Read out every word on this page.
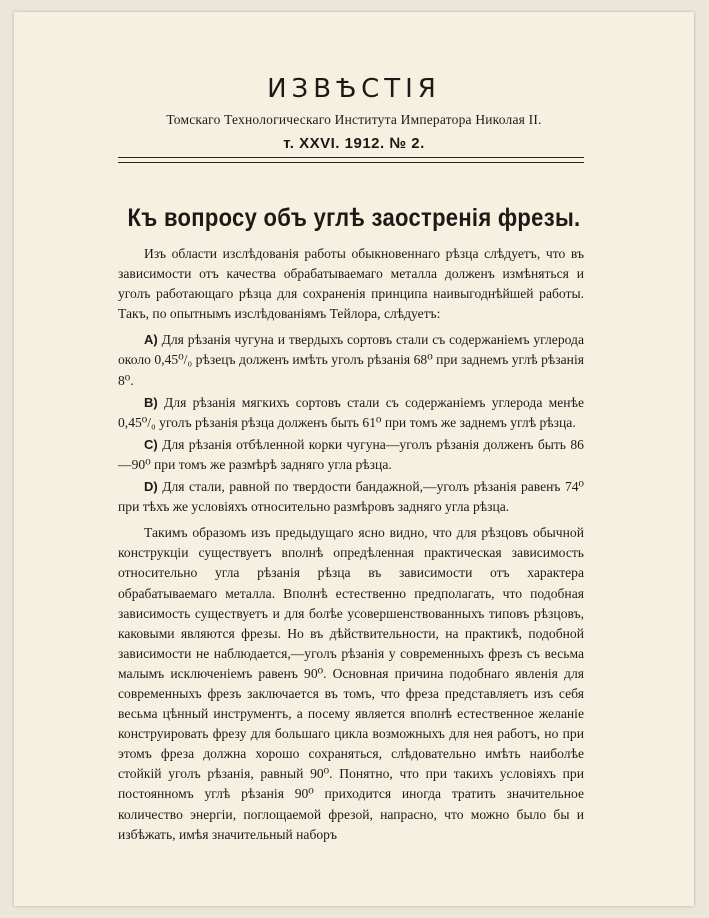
ИЗВѢСТІЯ
Томскаго Технологическаго Института Императора Николая II.
т. XXVI. 1912. № 2.
Къ вопросу объ углѣ заостренія фрезы.

Изъ области изслѣдованія работы обыкновеннаго рѣзца слѣдуетъ, что въ зависимости отъ качества обрабатываемаго металла долженъ измѣняться и уголъ работающаго рѣзца для сохраненія принципа наивыгоднѣйшей работы. Такъ, по опытнымъ изслѣдованіямъ Тейлора, слѣдуетъ:

A) Для рѣзанія чугуна и твердыхъ сортовъ стали съ содержаніемъ углерода около 0,45⁰/₀ рѣзецъ долженъ имѣть уголъ рѣзанія 68⁰ при заднемъ углѣ рѣзанія 8⁰.

B) Для рѣзанія мягкихъ сортовъ стали съ содержаніемъ углерода менѣе 0,45⁰/₀ уголъ рѣзанія рѣзца долженъ быть 61⁰ при томъ же заднемъ углѣ рѣзца.

C) Для рѣзанія отбѣленной корки чугуна—уголъ рѣзанія долженъ быть 86—90⁰ при томъ же размѣрѣ задняго угла рѣзца.

D) Для стали, равной по твердости бандажной,—уголъ рѣзанія равенъ 74⁰ при тѣхъ же условіяхъ относительно размѣровъ задняго угла рѣзца.

Такимъ образомъ изъ предыдущаго ясно видно, что для рѣзцовъ обычной конструкціи существуетъ вполнѣ опредѣленная практическая зависимость относительно угла рѣзанія рѣзца въ зависимости отъ характера обрабатываемаго металла. Вполнѣ естественно предполагать, что подобная зависимость существуетъ и для болѣе усовершенствованныхъ типовъ рѣзцовъ, каковыми являются фрезы. Но въ дѣйствительности, на практикѣ, подобной зависимости не наблюдается,—уголъ рѣзанія у современныхъ фрезъ съ весьма малымъ исключеніемъ равенъ 90⁰. Основная причина подобнаго явленія для современныхъ фрезъ заключается въ томъ, что фреза представляетъ изъ себя весьма цѣнный инструментъ, а посему является вполнѣ естественное желаніе конструировать фрезу для большаго цикла возможныхъ для нея работъ, но при этомъ фреза должна хорошо сохраняться, слѣдовательно имѣть наиболѣе стойкій уголъ рѣзанія, равный 90⁰. Понятно, что при такихъ условіяхъ при постоянномъ углѣ рѣзанія 90⁰ приходится иногда тратить значительное количество энергіи, поглощаемой фрезой, напрасно, что можно было бы и избѣжать, имѣя значительный наборъ
